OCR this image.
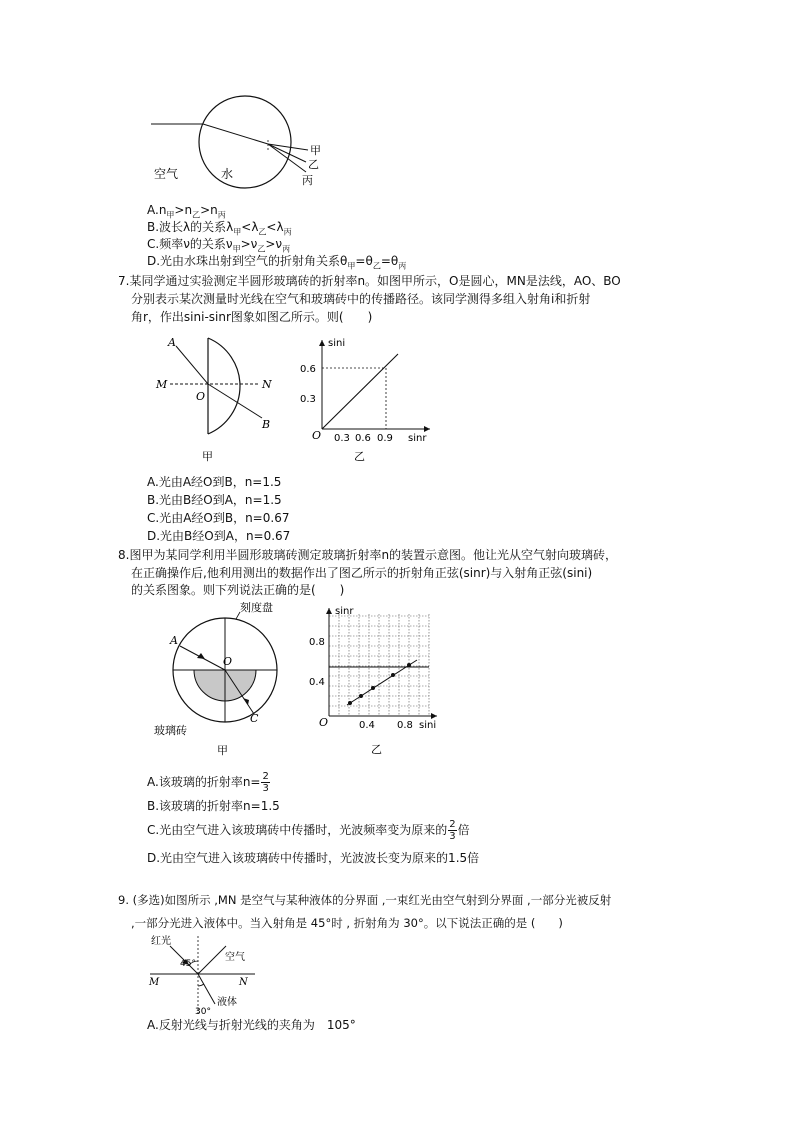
空气	水
甲
乙
丙
$A.n_甲>n_乙>n_丙$
B.波长λ的关系$\lambda_甲<\lambda_乙<\lambda_丙$
C.频率ν的关系$\nu_甲>\nu_乙>\nu_丙$
D.光由水珠出射到空气的折射角关系$\theta_甲=\theta_乙=\theta_丙$
7.某同学通过实验测定半圆形玻璃砖的折射率n。如图甲所示，O是圆心，MN是法线，AO、BO
分别表示某次测量时光线在空气和玻璃砖中的传播路径。该同学测得多组入射角i和折射
角r，作出sini-sinr图象如图乙所示。则(　　)
A
B
M	N
O
甲
sini
sinr
O
0.6
0.3
0.3 0.6 0.9
乙
A.光由A经O到B，n=1.5
B.光由B经O到A，n=1.5
C.光由A经O到B，n=0.67
D.光由B经O到A，n=0.67
8.图甲为某同学利用半圆形玻璃砖测定玻璃折射率n的装置示意图。他让光从空气射向玻璃砖，
在正确操作后,他利用测出的数据作出了图乙所示的折射角正弦(sinr)与入射角正弦(sini)
的关系图象。则下列说法正确的是(　　)
刻度盘
A
O
C
玻璃砖
甲
sinr
sini
O
0.8
0.4
0.4 0.8
乙
A.该玻璃的折射率$n= \frac{2}{3}$
B.该玻璃的折射率n=1.5
C.光由空气进入该玻璃砖中传播时，光波频率变为原来的 $\frac{2}{3}$ 倍
D.光由空气进入该玻璃砖中传播时，光波波长变为原来的1.5倍
9. (多选)如图所示 ,MN 是空气与某种液体的分界面 ,一束红光由空气射到分界面 ,一部分光被反射
,一部分光进入液体中。当入射角是 45°时 , 折射角为 30°。以下说法正确的是 (　　)
红光
45°
空气
M	N
30°
液体
A.反射光线与折射光线的夹角为　105°
